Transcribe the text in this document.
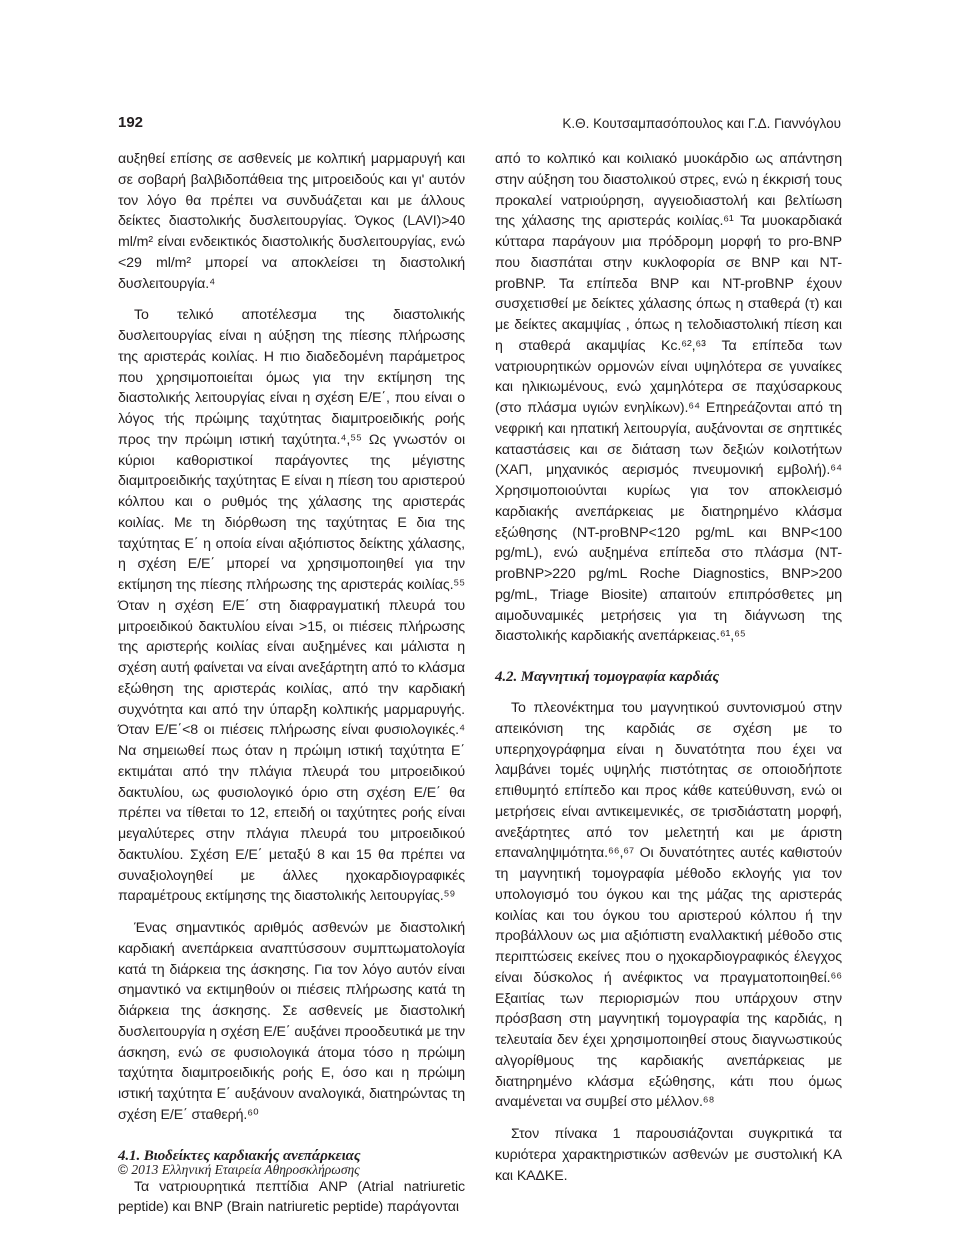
192	Κ.Θ. Κουτσαμπασόπουλος και Γ.Δ. Γιαννόγλου

αυξηθεί επίσης σε ασθενείς με κολπική μαρμαρυγή και σε σοβαρή βαλβιδοπάθεια της μιτροειδούς και γι' αυτόν τον λόγο θα πρέπει να συνδυάζεται και με άλλους δείκτες διαστολικής δυσλειτουργίας. Όγκος (LAVI)>40 ml/m² είναι ενδεικτικός διαστολικής δυσλειτουργίας, ενώ <29 ml/m² μπορεί να αποκλείσει τη διαστολική δυσλειτουργία.⁴

Το τελικό αποτέλεσμα της διαστολικής δυσλειτουργίας είναι η αύξηση της πίεσης πλήρωσης της αριστεράς κοιλίας. Η πιο διαδεδομένη παράμετρος που χρησιμοποιείται όμως για την εκτίμηση της διαστολικής λειτουργίας είναι η σχέση Ε/Ε΄, που είναι ο λόγος τής πρώιμης ταχύτητας διαμιτροειδικής ροής προς την πρώιμη ιστική ταχύτητα.⁴,⁵⁵ Ως γνωστόν οι κύριοι καθοριστικοί παράγοντες της μέγιστης διαμιτροειδικής ταχύτητας Ε είναι η πίεση του αριστερού κόλπου και ο ρυθμός της χάλασης της αριστεράς κοιλίας. Με τη διόρθωση της ταχύτητας Ε δια της ταχύτητας Ε΄ η οποία είναι αξιόπιστος δείκτης χάλασης, η σχέση Ε/Ε΄ μπορεί να χρησιμοποιηθεί για την εκτίμηση της πίεσης πλήρωσης της αριστεράς κοιλίας.⁵⁵ Όταν η σχέση Ε/Ε΄ στη διαφραγματική πλευρά του μιτροειδικού δακτυλίου είναι >15, οι πιέσεις πλήρωσης της αριστερής κοιλίας είναι αυξημένες και μάλιστα η σχέση αυτή φαίνεται να είναι ανεξάρτητη από το κλάσμα εξώθηση της αριστεράς κοιλίας, από την καρδιακή συχνότητα και από την ύπαρξη κολπικής μαρμαρυγής. Όταν Ε/Ε΄<8 οι πιέσεις πλήρωσης είναι φυσιολογικές.⁴ Να σημειωθεί πως όταν η πρώιμη ιστική ταχύτητα Ε΄ εκτιμάται από την πλάγια πλευρά του μιτροειδικού δακτυλίου, ως φυσιολογικό όριο στη σχέση Ε/Ε΄ θα πρέπει να τίθεται το 12, επειδή οι ταχύτητες ροής είναι μεγαλύτερες στην πλάγια πλευρά του μιτροειδικού δακτυλίου. Σχέση Ε/Ε΄ μεταξύ 8 και 15 θα πρέπει να συναξιολογηθεί με άλλες ηχοκαρδιογραφικές παραμέτρους εκτίμησης της διαστολικής λειτουργίας.⁵⁹

Ένας σημαντικός αριθμός ασθενών με διαστολική καρδιακή ανεπάρκεια αναπτύσσουν συμπτωματολογία κατά τη διάρκεια της άσκησης. Για τον λόγο αυτόν είναι σημαντικό να εκτιμηθούν οι πιέσεις πλήρωσης κατά τη διάρκεια της άσκησης. Σε ασθενείς με διαστολική δυσλειτουργία η σχέση Ε/Ε΄ αυξάνει προοδευτικά με την άσκηση, ενώ σε φυσιολογικά άτομα τόσο η πρώιμη ταχύτητα διαμιτροειδικής ροής Ε, όσο και η πρώιμη ιστική ταχύτητα Ε΄ αυξάνουν αναλογικά, διατηρώντας τη σχέση Ε/Ε΄ σταθερή.⁶⁰

4.1. Βιοδείκτες καρδιακής ανεπάρκειας

Τα νατριουρητικά πεπτίδια ANP (Atrial natriuretic peptide) και BNP (Brain natriuretic peptide) παράγονται

από το κολπικό και κοιλιακό μυοκάρδιο ως απάντηση στην αύξηση του διαστολικού στρες, ενώ η έκκρισή τους προκαλεί νατριούρηση, αγγειοδιαστολή και βελτίωση της χάλασης της αριστεράς κοιλίας.⁶¹ Τα μυοκαρδιακά κύτταρα παράγουν μια πρόδρομη μορφή το pro-BNP που διασπάται στην κυκλοφορία σε BNP και NT-proBNP. Τα επίπεδα BNP και NT-proBNP έχουν συσχετισθεί με δείκτες χάλασης όπως η σταθερά (τ) και με δείκτες ακαμψίας , όπως η τελοδιαστολική πίεση και η σταθερά ακαμψίας Kc.⁶²,⁶³ Τα επίπεδα των νατριουρητικών ορμονών είναι υψηλότερα σε γυναίκες και ηλικιωμένους, ενώ χαμηλότερα σε παχύσαρκους (στο πλάσμα υγιών ενηλίκων).⁶⁴ Επηρεάζονται από τη νεφρική και ηπατική λειτουργία, αυξάνονται σε σηπτικές καταστάσεις και σε διάταση των δεξιών κοιλοτήτων (ΧΑΠ, μηχανικός αερισμός πνευμονική εμβολή).⁶⁴ Χρησιμοποιούνται κυρίως για τον αποκλεισμό καρδιακής ανεπάρκειας με διατηρημένο κλάσμα εξώθησης (NT-proBNP<120 pg/mL και BNP<100 pg/mL), ενώ αυξημένα επίπεδα στο πλάσμα (NT-proBNP>220 pg/mL Roche Diagnostics, BNP>200 pg/mL, Triage Biosite) απαιτούν επιπρόσθετες μη αιμοδυναμικές μετρήσεις για τη διάγνωση της διαστολικής καρδιακής ανεπάρκειας.⁶¹,⁶⁵

4.2. Μαγνητική τομογραφία καρδιάς

Το πλεονέκτημα του μαγνητικού συντονισμού στην απεικόνιση της καρδιάς σε σχέση με το υπερηχογράφημα είναι η δυνατότητα που έχει να λαμβάνει τομές υψηλής πιστότητας σε οποιοδήποτε επιθυμητό επίπεδο και προς κάθε κατεύθυνση, ενώ οι μετρήσεις είναι αντικειμενικές, σε τρισδιάστατη μορφή, ανεξάρτητες από τον μελετητή και με άριστη επαναληψιμότητα.⁶⁶,⁶⁷ Οι δυνατότητες αυτές καθιστούν τη μαγνητική τομογραφία μέθοδο εκλογής για τον υπολογισμό του όγκου και της μάζας της αριστεράς κοιλίας και του όγκου του αριστερού κόλπου ή την προβάλλουν ως μια αξιόπιστη εναλλακτική μέθοδο στις περιπτώσεις εκείνες που ο ηχοκαρδιογραφικός έλεγχος είναι δύσκολος ή ανέφικτος να πραγματοποιηθεί.⁶⁶ Εξαιτίας των περιορισμών που υπάρχουν στην πρόσβαση στη μαγνητική τομογραφία της καρδιάς, η τελευταία δεν έχει χρησιμοποιηθεί στους διαγνωστικούς αλγορίθμους της καρδιακής ανεπάρκειας με διατηρημένο κλάσμα εξώθησης, κάτι που όμως αναμένεται να συμβεί στο μέλλον.⁶⁸

Στον πίνακα 1 παρουσιάζονται συγκριτικά τα κυριότερα χαρακτηριστικών ασθενών με συστολική ΚΑ και ΚΑΔΚΕ.

© 2013 Ελληνική Εταιρεία Αθηροσκλήρωσης
